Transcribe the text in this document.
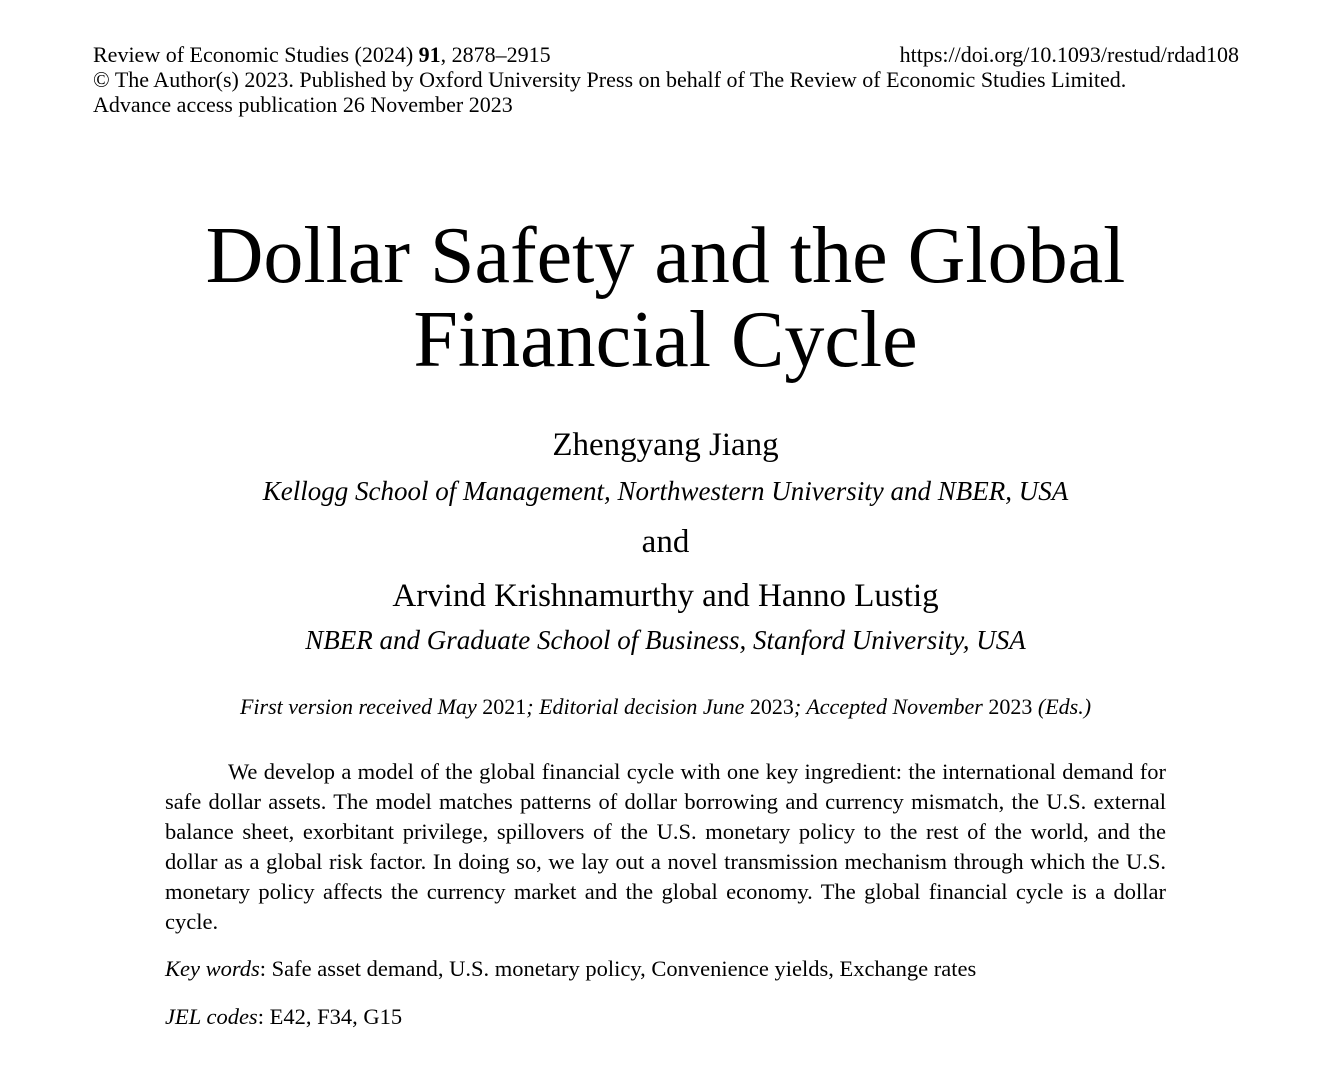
Review of Economic Studies (2024) 91, 2878–2915	https://doi.org/10.1093/restud/rdad108
© The Author(s) 2023. Published by Oxford University Press on behalf of The Review of Economic Studies Limited.
Advance access publication 26 November 2023
Dollar Safety and the Global
Financial Cycle
Zhengyang Jiang
Kellogg School of Management, Northwestern University and NBER, USA
and
Arvind Krishnamurthy and Hanno Lustig
NBER and Graduate School of Business, Stanford University, USA
First version received May 2021; Editorial decision June 2023; Accepted November 2023 (Eds.)

We develop a model of the global financial cycle with one key ingredient: the international demand for safe dollar assets. The model matches patterns of dollar borrowing and currency mismatch, the U.S. external balance sheet, exorbitant privilege, spillovers of the U.S. monetary policy to the rest of the world, and the dollar as a global risk factor. In doing so, we lay out a novel transmission mechanism through which the U.S. monetary policy affects the currency market and the global economy. The global financial cycle is a dollar cycle.

Key words: Safe asset demand, U.S. monetary policy, Convenience yields, Exchange rates
JEL codes: E42, F34, G15
